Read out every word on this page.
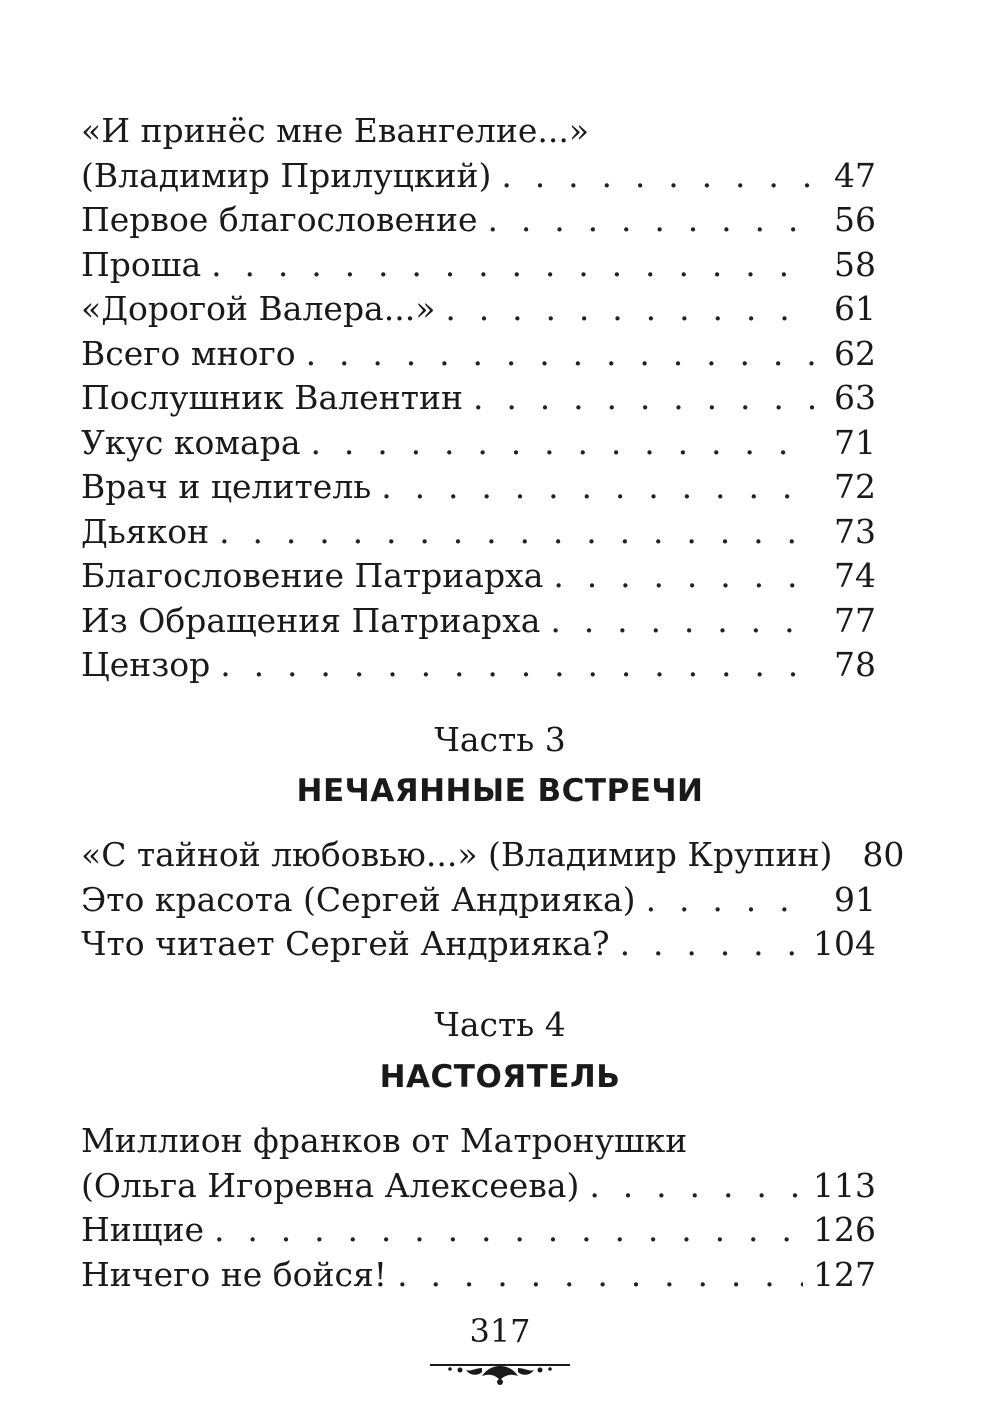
«И принёс мне Евангелие...»
(Владимир Прилуцкий) . . .	47
Первое благословение . . .	56
Проша . . .	58
«Дорогой Валера...» . . .	61
Всего много . . .	62
Послушник Валентин . . .	63
Укус комара . . .	71
Врач и целитель . . .	72
Дьякон . . .	73
Благословение Патриарха . . .	74
Из Обращения Патриарха . . .	77
Цензор . . .	78
Часть 3
НЕЧАЯННЫЕ ВСТРЕЧИ
«С тайной любовью...» (Владимир Крупин) 80
Это красота (Сергей Андрияка) . . .	91
Что читает Сергей Андрияка? . . .	104
Часть 4
НАСТОЯТЕЛЬ
Миллион франков от Матронушки
(Ольга Игоревна Алексеева) . . .	113
Нищие . . .	126
Ничего не бойся! . . .	127
317
